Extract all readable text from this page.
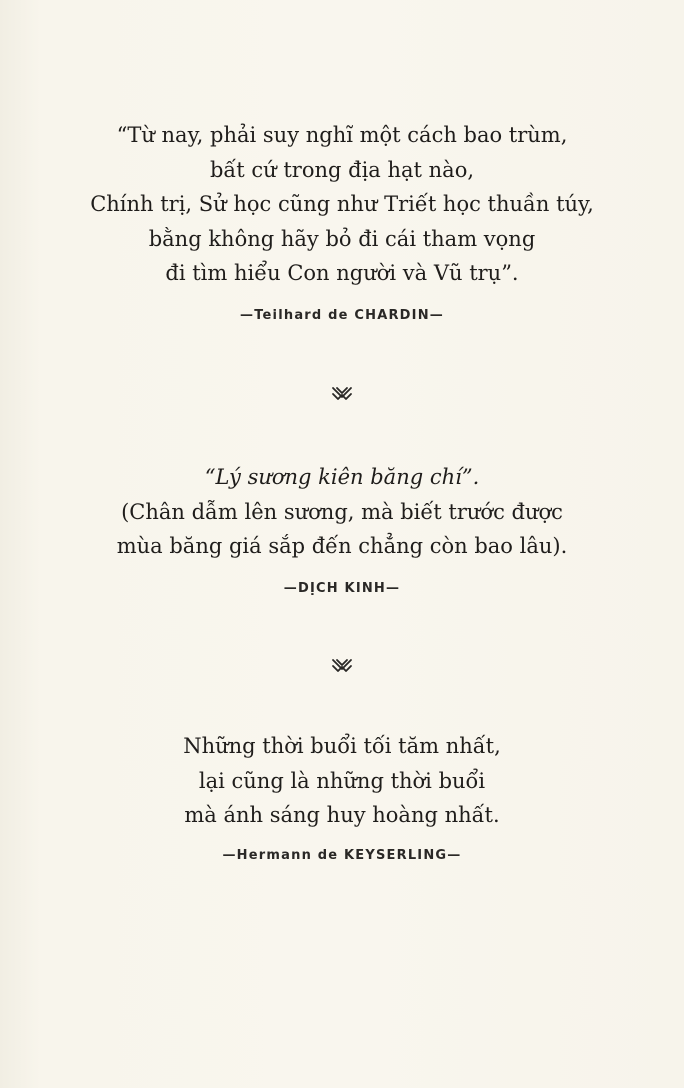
“Từ nay, phải suy nghĩ một cách bao trùm,
bất cứ trong địa hạt nào,
Chính trị, Sử học cũng như Triết học thuần túy,
bằng không hãy bỏ đi cái tham vọng
đi tìm hiểu Con người và Vũ trụ”.
—Teilhard de CHARDIN—
“Lý sương kiên băng chí”.
(Chân dẫm lên sương, mà biết trước được
mùa băng giá sắp đến chẳng còn bao lâu).
—DỊCH KINH—
Những thời buổi tối tăm nhất,
lại cũng là những thời buổi
mà ánh sáng huy hoàng nhất.
—Hermann de KEYSERLING—
